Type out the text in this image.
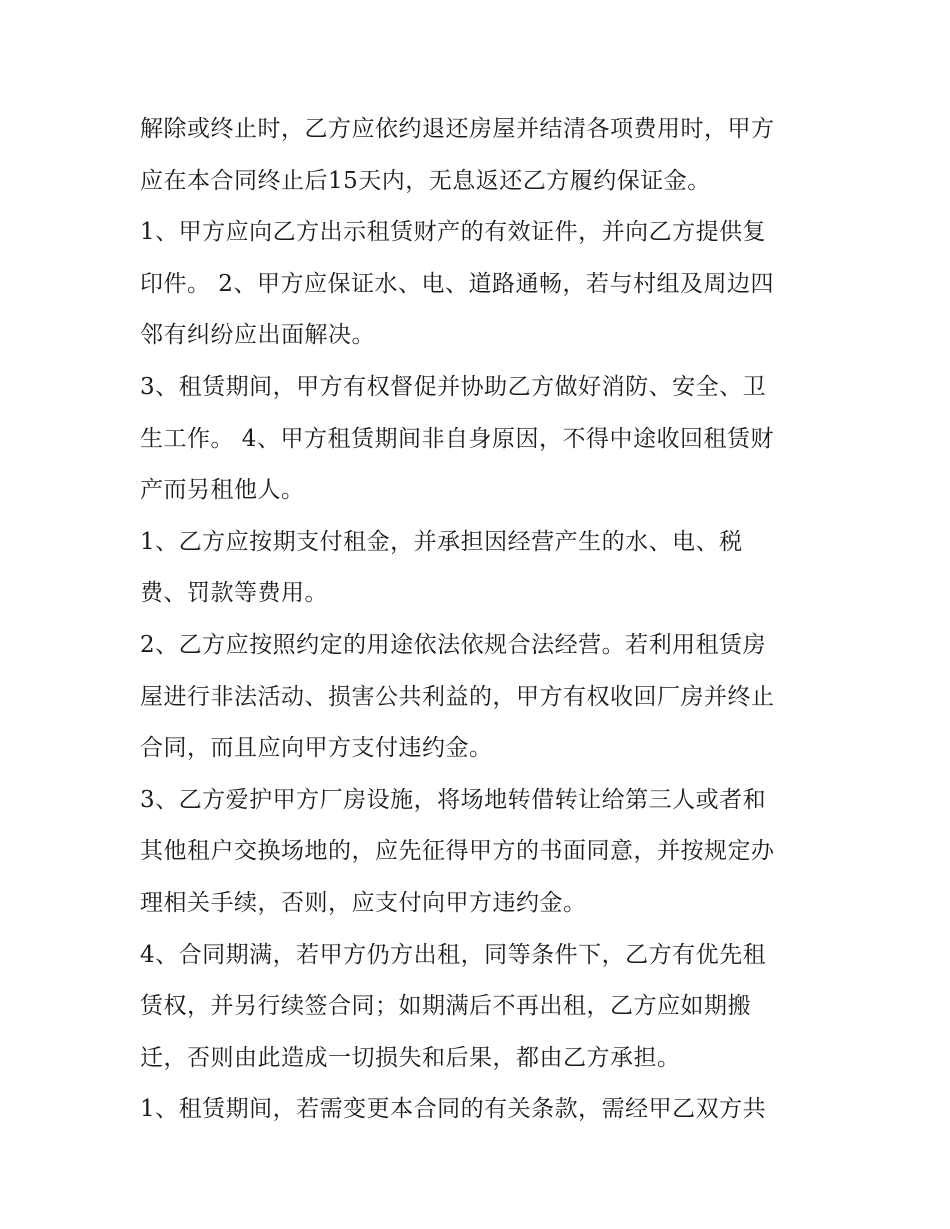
解除或终止时，乙方应依约退还房屋并结清各项费用时，甲方
应在本合同终止后15天内，无息返还乙方履约保证金。
1、甲方应向乙方出示租赁财产的有效证件，并向乙方提供复
印件。 2、甲方应保证水、电、道路通畅，若与村组及周边四
邻有纠纷应出面解决。
3、租赁期间，甲方有权督促并协助乙方做好消防、安全、卫
生工作。 4、甲方租赁期间非自身原因，不得中途收回租赁财
产而另租他人。
1、乙方应按期支付租金，并承担因经营产生的水、电、税
费、罚款等费用。
2、乙方应按照约定的用途依法依规合法经营。若利用租赁房
屋进行非法活动、损害公共利益的，甲方有权收回厂房并终止
合同，而且应向甲方支付违约金。
3、乙方爱护甲方厂房设施，将场地转借转让给第三人或者和
其他租户交换场地的，应先征得甲方的书面同意，并按规定办
理相关手续，否则，应支付向甲方违约金。
4、合同期满，若甲方仍方出租，同等条件下，乙方有优先租
赁权，并另行续签合同；如期满后不再出租，乙方应如期搬
迁，否则由此造成一切损失和后果，都由乙方承担。
1、租赁期间，若需变更本合同的有关条款，需经甲乙双方共
